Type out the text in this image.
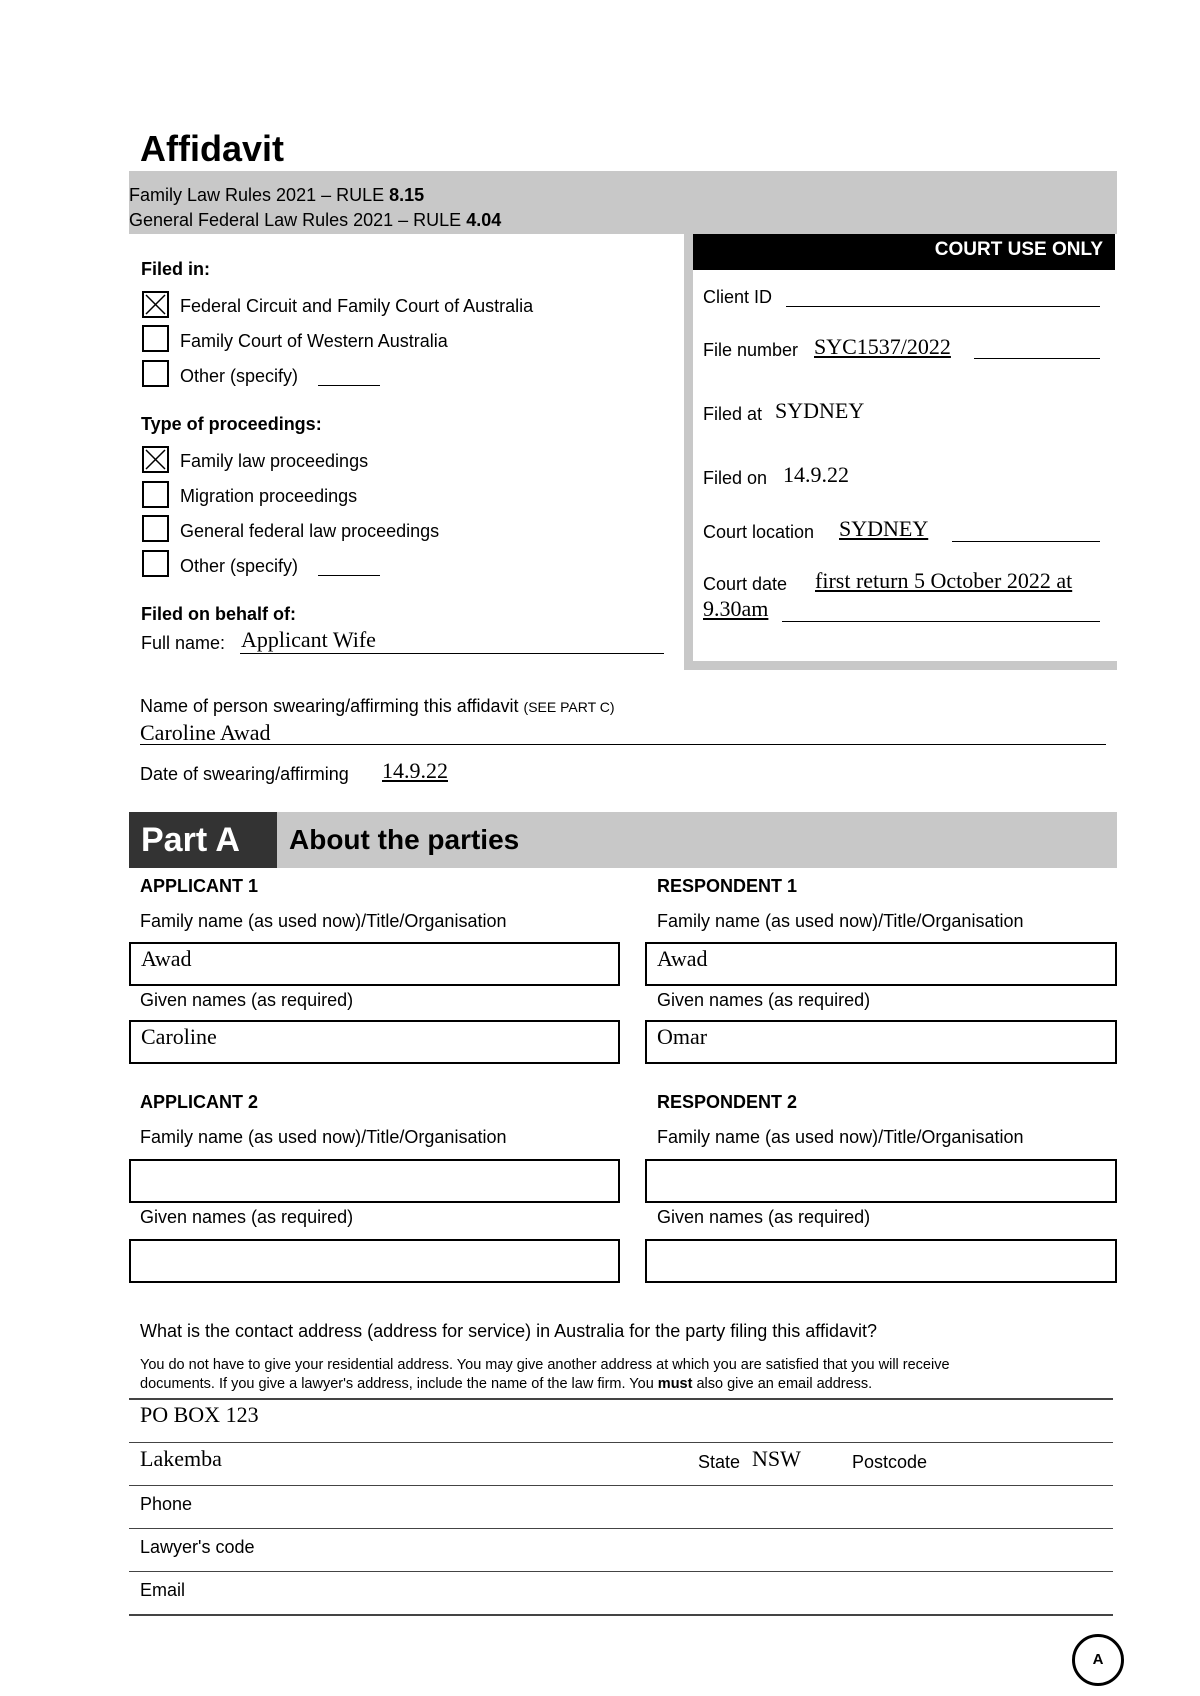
Affidavit
Family Law Rules 2021 – RULE 8.15
General Federal Law Rules 2021 – RULE 4.04
Filed in:
Federal Circuit and Family Court of Australia
Family Court of Western Australia
Other (specify)
Type of proceedings:
Family law proceedings
Migration proceedings
General federal law proceedings
Other (specify)
Filed on behalf of:
Full name: Applicant Wife
COURT USE ONLY
Client ID
File number SYC1537/2022
Filed at SYDNEY
Filed on 14.9.22
Court location SYDNEY
Court date first return 5 October 2022 at
9.30am
Name of person swearing/affirming this affidavit (SEE PART C)
Caroline Awad
Date of swearing/affirming 14.9.22
Part A	About the parties
APPLICANT 1
Family name (as used now)/Title/Organisation
Awad
Given names (as required)
Caroline
RESPONDENT 1
Family name (as used now)/Title/Organisation
Awad
Given names (as required)
Omar
APPLICANT 2
Family name (as used now)/Title/Organisation
Given names (as required)
RESPONDENT 2
Family name (as used now)/Title/Organisation
Given names (as required)
What is the contact address (address for service) in Australia for the party filing this affidavit?
You do not have to give your residential address. You may give another address at which you are satisfied that you will receive
documents. If you give a lawyer's address, include the name of the law firm. You must also give an email address.
PO BOX 123
Lakemba	State NSW	Postcode
Phone
Lawyer's code
Email
A
